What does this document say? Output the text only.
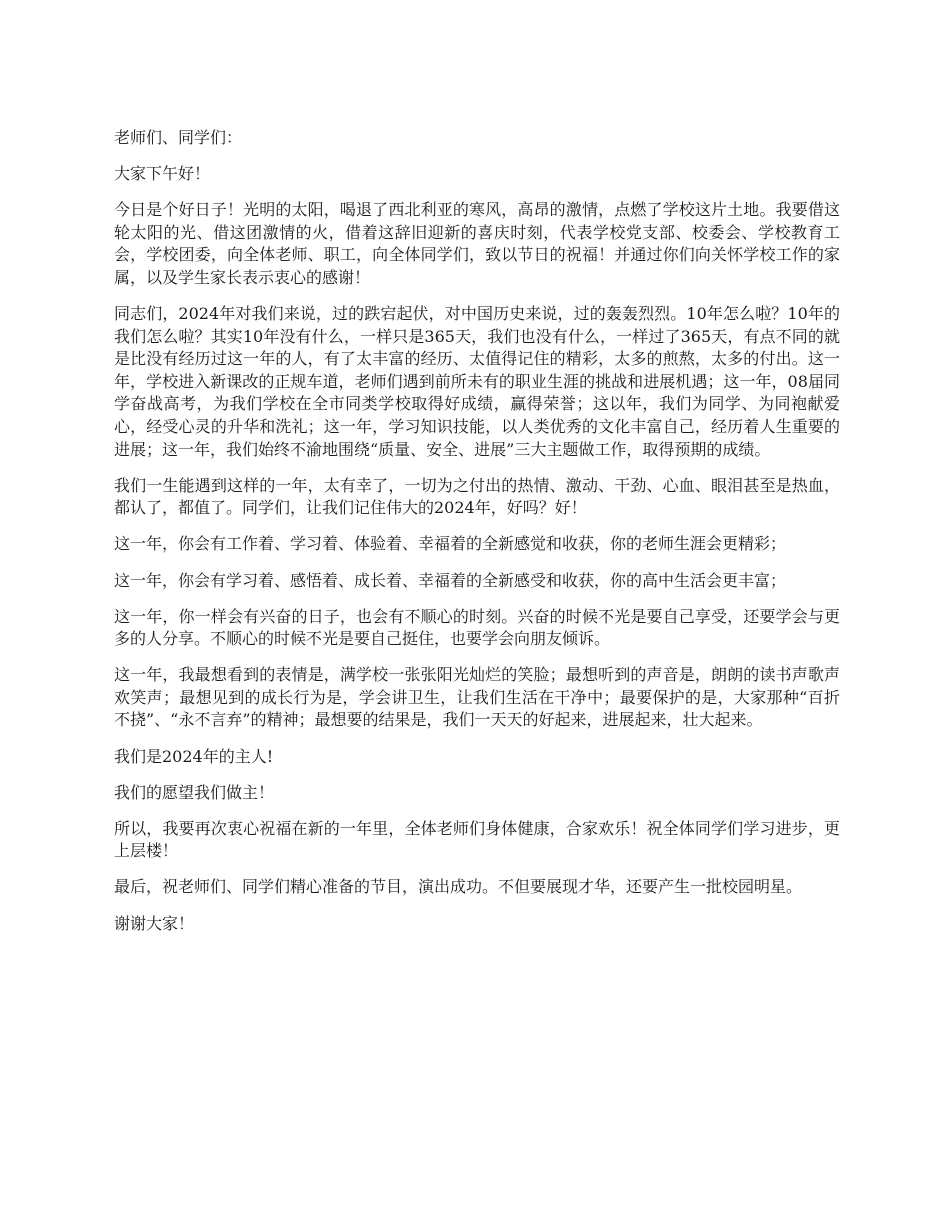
老师们、同学们：

大家下午好！

今日是个好日子！光明的太阳，喝退了西北利亚的寒风，高昂的激情，点燃了学校这片土地。我要借这轮太阳的光、借这团激情的火，借着这辞旧迎新的喜庆时刻，代表学校党支部、校委会、学校教育工会，学校团委，向全体老师、职工，向全体同学们，致以节日的祝福！并通过你们向关怀学校工作的家属，以及学生家长表示衷心的感谢！

同志们，2024年对我们来说，过的跌宕起伏，对中国历史来说，过的轰轰烈烈。10年怎么啦？10年的我们怎么啦？其实10年没有什么，一样只是365天，我们也没有什么，一样过了365天，有点不同的就是比没有经历过这一年的人，有了太丰富的经历、太值得记住的精彩，太多的煎熬，太多的付出。这一年，学校进入新课改的正规车道，老师们遇到前所未有的职业生涯的挑战和进展机遇；这一年，08届同学奋战高考，为我们学校在全市同类学校取得好成绩，赢得荣誉；这以年，我们为同学、为同袍献爱心，经受心灵的升华和洗礼；这一年，学习知识技能，以人类优秀的文化丰富自己，经历着人生重要的进展；这一年，我们始终不渝地围绕“质量、安全、进展”三大主题做工作，取得预期的成绩。

我们一生能遇到这样的一年，太有幸了，一切为之付出的热情、激动、干劲、心血、眼泪甚至是热血，都认了，都值了。同学们，让我们记住伟大的2024年，好吗？好！

这一年，你会有工作着、学习着、体验着、幸福着的全新感觉和收获，你的老师生涯会更精彩；

这一年，你会有学习着、感悟着、成长着、幸福着的全新感受和收获，你的高中生活会更丰富；

这一年，你一样会有兴奋的日子，也会有不顺心的时刻。兴奋的时候不光是要自己享受，还要学会与更多的人分享。不顺心的时候不光是要自己挺住，也要学会向朋友倾诉。

这一年，我最想看到的表情是，满学校一张张阳光灿烂的笑脸；最想听到的声音是，朗朗的读书声歌声欢笑声；最想见到的成长行为是，学会讲卫生，让我们生活在干净中；最要保护的是，大家那种“百折不挠”、“永不言弃”的精神；最想要的结果是，我们一天天的好起来，进展起来，壮大起来。

我们是2024年的主人!

我们的愿望我们做主！

所以，我要再次衷心祝福在新的一年里，全体老师们身体健康，合家欢乐！祝全体同学们学习进步，更上层楼！

最后，祝老师们、同学们精心准备的节目，演出成功。不但要展现才华，还要产生一批校园明星。

谢谢大家！
